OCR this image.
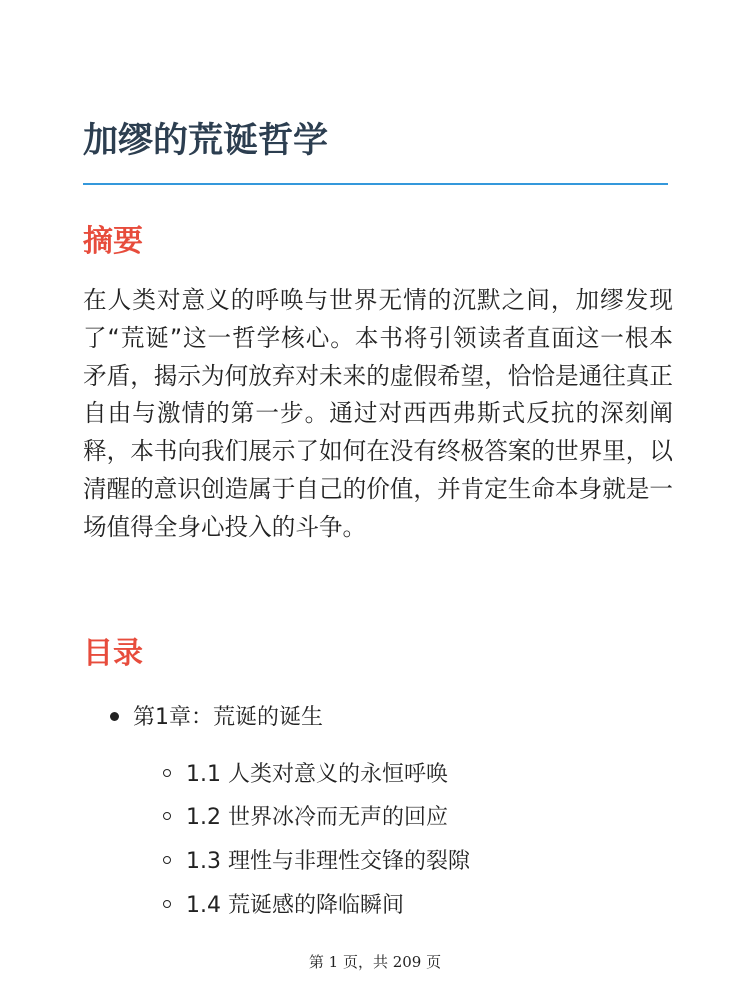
加缪的荒诞哲学
摘要

在人类对意义的呼唤与世界无情的沉默之间，加缪发现了“荒诞”这一哲学核心。本书将引领读者直面这一根本矛盾，揭示为何放弃对未来的虚假希望，恰恰是通往真正自由与激情的第一步。通过对西西弗斯式反抗的深刻阐释，本书向我们展示了如何在没有终极答案的世界里，以清醒的意识创造属于自己的价值，并肯定生命本身就是一场值得全身心投入的斗争。

目录
第1章：荒诞的诞生
1.1 人类对意义的永恒呼唤
1.2 世界冰冷而无声的回应
1.3 理性与非理性交锋的裂隙
1.4 荒诞感的降临瞬间
第 1 页，共 209 页
